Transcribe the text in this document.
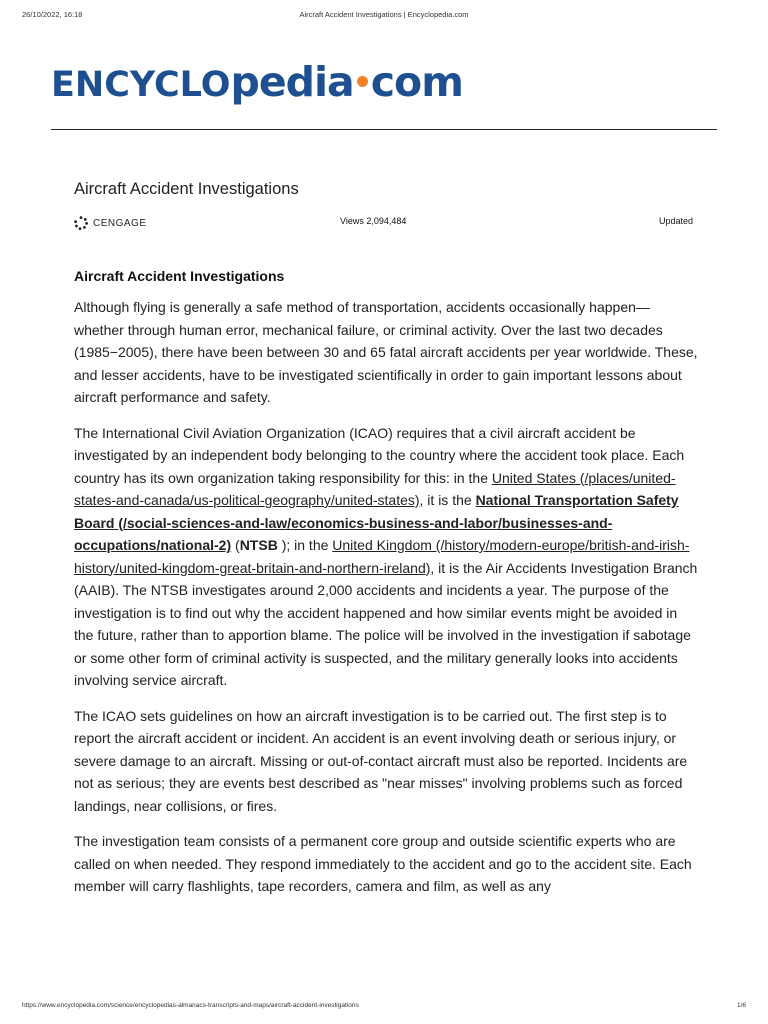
26/10/2022, 16:18	Aircraft Accident Investigations | Encyclopedia.com
ENCYCLO pedia com
Aircraft Accident Investigations
CENGAGE	Views 2,094,484	Updated
Aircraft Accident Investigations

Although flying is generally a safe method of transportation, accidents occasionally happen—whether through human error, mechanical failure, or criminal activity. Over the last two decades (1985−2005), there have been between 30 and 65 fatal aircraft accidents per year worldwide. These, and lesser accidents, have to be investigated scientifically in order to gain important lessons about aircraft performance and safety.

The International Civil Aviation Organization (ICAO) requires that a civil aircraft accident be investigated by an independent body belonging to the country where the accident took place. Each country has its own organization taking responsibility for this: in the United States (/places/united-states-and-canada/us-political-geography/united-states), it is the National Transportation Safety Board (/social-sciences-and-law/economics-business-and-labor/businesses-and-occupations/national-2) (NTSB ); in the United Kingdom (/history/modern-europe/british-and-irish-history/united-kingdom-great-britain-and-northern-ireland), it is the Air Accidents Investigation Branch (AAIB). The NTSB investigates around 2,000 accidents and incidents a year. The purpose of the investigation is to find out why the accident happened and how similar events might be avoided in the future, rather than to apportion blame. The police will be involved in the investigation if sabotage or some other form of criminal activity is suspected, and the military generally looks into accidents involving service aircraft.

The ICAO sets guidelines on how an aircraft investigation is to be carried out. The first step is to report the aircraft accident or incident. An accident is an event involving death or serious injury, or severe damage to an aircraft. Missing or out-of-contact aircraft must also be reported. Incidents are not as serious; they are events best described as "near misses" involving problems such as forced landings, near collisions, or fires.

The investigation team consists of a permanent core group and outside scientific experts who are called on when needed. They respond immediately to the accident and go to the accident site. Each member will carry flashlights, tape recorders, camera and film, as well as any

https://www.encyclopedia.com/science/encyclopedias-almanacs-transcripts-and-maps/aircraft-accident-investigations	1/6
